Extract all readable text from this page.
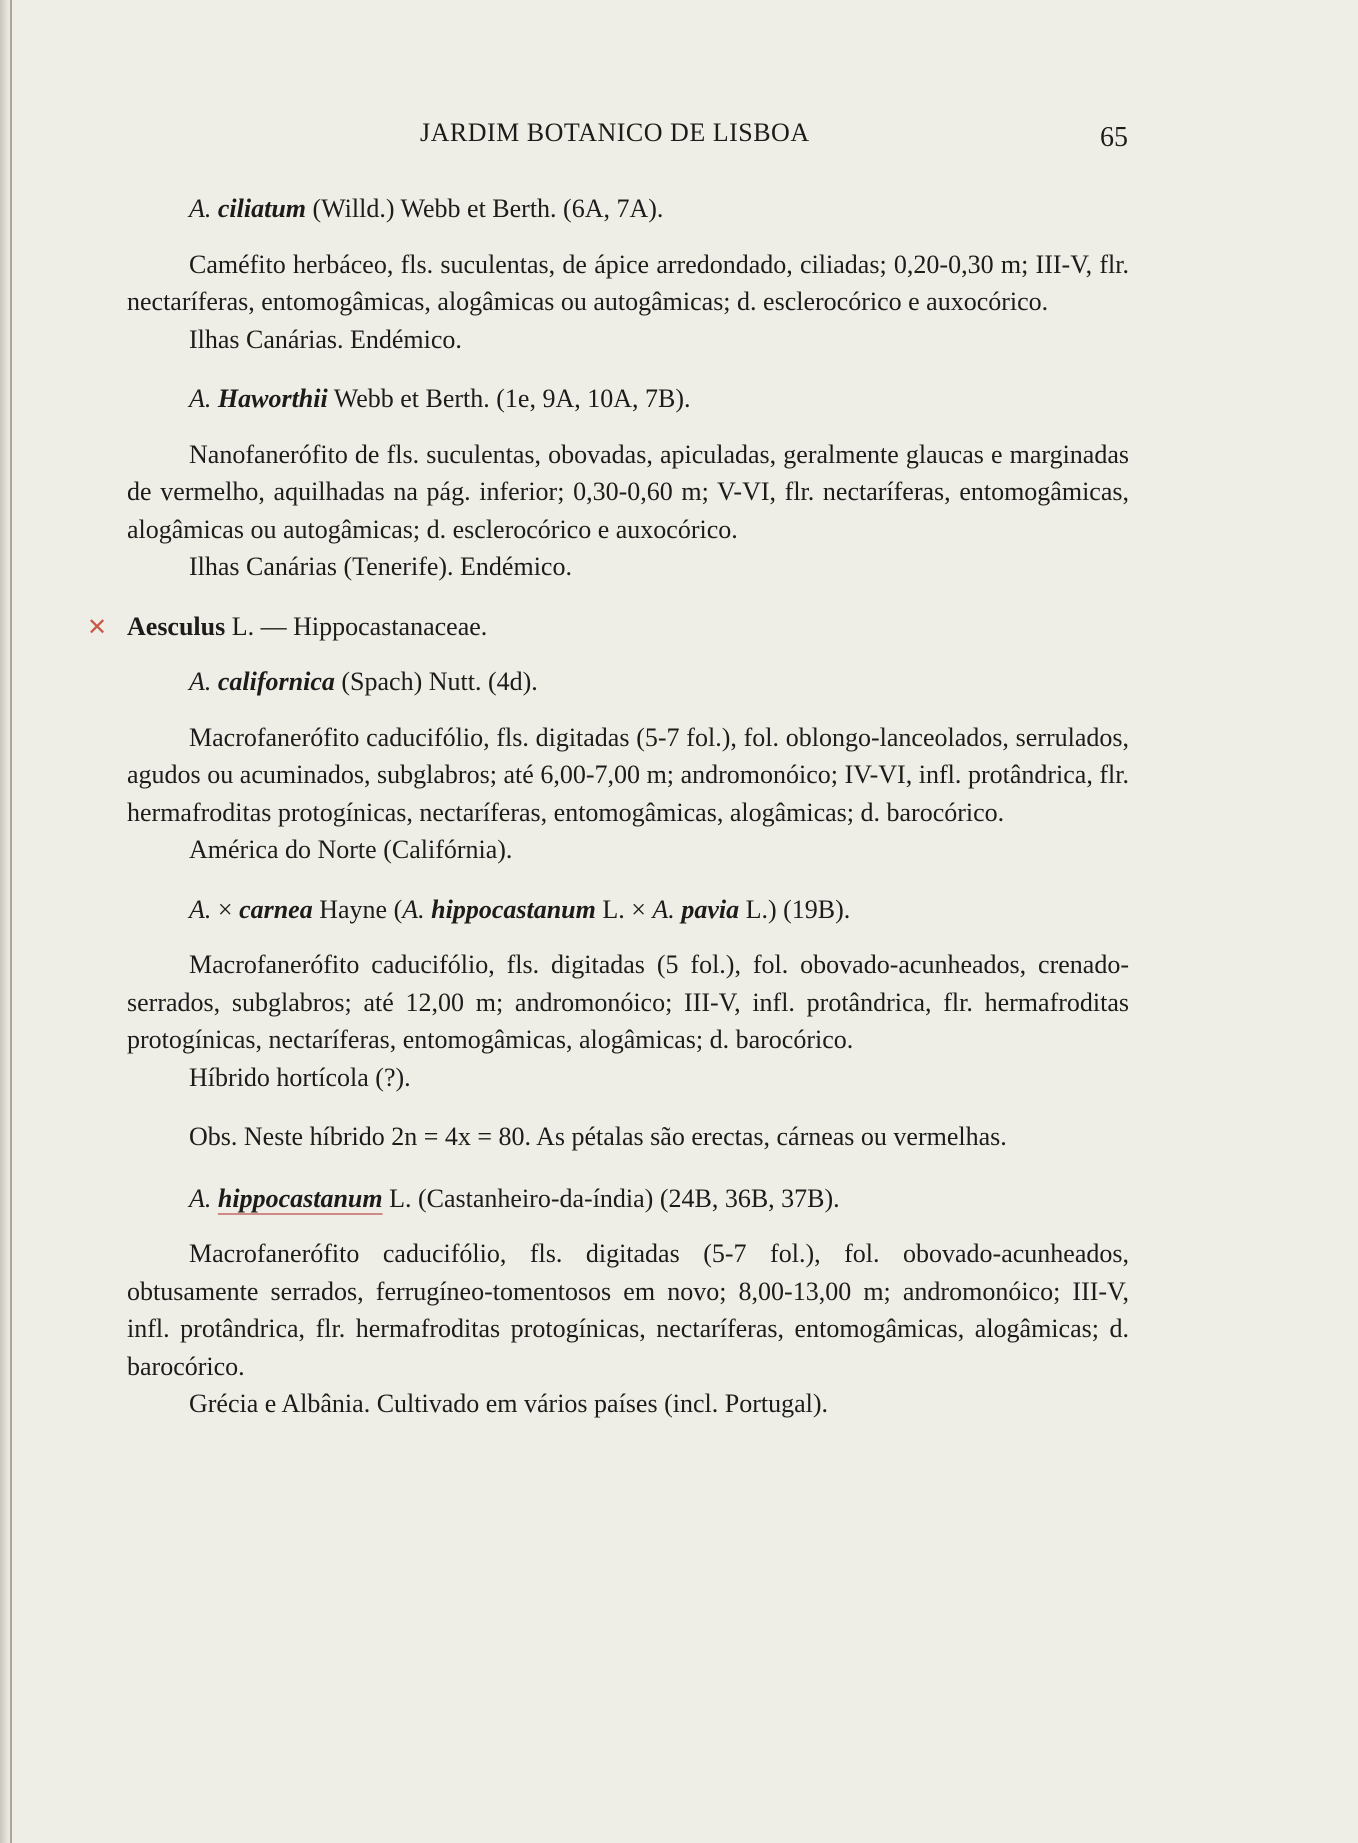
JARDIM BOTANICO DE LISBOA	65

A. ciliatum (Willd.) Webb et Berth. (6A, 7A).

Caméfito herbáceo, fls. suculentas, de ápice arredondado, ciliadas; 0,20-0,30 m; III-V, flr. nectaríferas, entomogâmicas, alogâmicas ou autogâmicas; d. esclerocórico e auxocórico.

Ilhas Canárias. Endémico.

A. Haworthii Webb et Berth. (1e, 9A, 10A, 7B).

Nanofanerófito de fls. suculentas, obovadas, apiculadas, geralmente glaucas e marginadas de vermelho, aquilhadas na pág. inferior; 0,30-0,60 m; V-VI, flr. nectaríferas, entomogâmicas, alogâmicas ou autogâmicas; d. esclerocórico e auxocórico.

Ilhas Canárias (Tenerife). Endémico.

✕ Aesculus L. — Hippocastanaceae.

A. californica (Spach) Nutt. (4d).

Macrofanerófito caducifólio, fls. digitadas (5-7 fol.), fol. oblongo-lanceolados, serrulados, agudos ou acuminados, subglabros; até 6,00-7,00 m; andromonóico; IV-VI, infl. protândrica, flr. hermafroditas protogínicas, nectaríferas, entomogâmicas, alogâmicas; d. barocórico.

América do Norte (Califórnia).

A. × carnea Hayne (A. hippocastanum L. × A. pavia L.) (19B).

Macrofanerófito caducifólio, fls. digitadas (5 fol.), fol. obovado-acunheados, crenado-serrados, subglabros; até 12,00 m; andromonóico; III-V, infl. protândrica, flr. hermafroditas protogínicas, nectaríferas, entomogâmicas, alogâmicas; d. barocórico.

Híbrido hortícola (?).

Obs. Neste híbrido 2n = 4x = 80. As pétalas são erectas, cárneas ou vermelhas.

A. hippocastanum L. (Castanheiro-da-índia) (24B, 36B, 37B).

Macrofanerófito caducifólio, fls. digitadas (5-7 fol.), fol. obovado-acunheados, obtusamente serrados, ferrugíneo-tomentosos em novo; 8,00-13,00 m; andromonóico; III-V, infl. protândrica, flr. hermafroditas protogínicas, nectaríferas, entomogâmicas, alogâmicas; d. barocórico.

Grécia e Albânia. Cultivado em vários países (incl. Portugal).
